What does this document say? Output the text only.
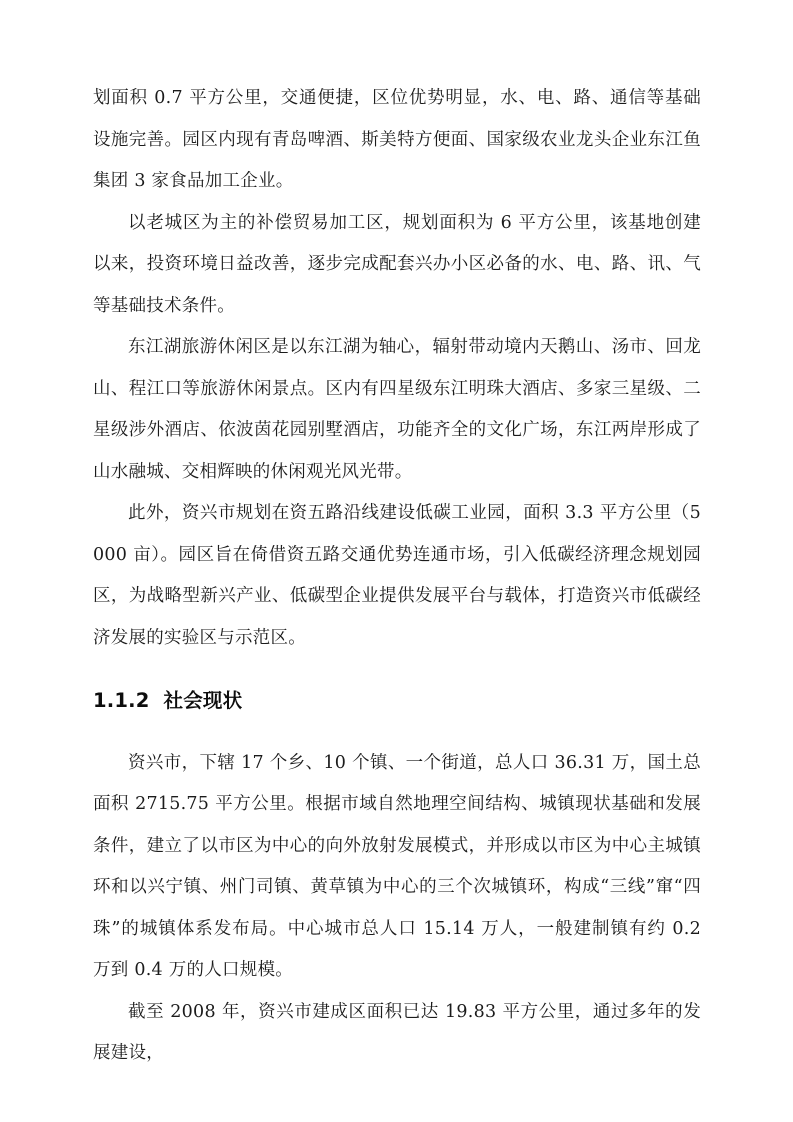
划面积 0.7 平方公里，交通便捷，区位优势明显，水、电、路、通信等基础设施完善。园区内现有青岛啤酒、斯美特方便面、国家级农业龙头企业东江鱼集团 3 家食品加工企业。

以老城区为主的补偿贸易加工区，规划面积为 6 平方公里，该基地创建以来，投资环境日益改善，逐步完成配套兴办小区必备的水、电、路、讯、气等基础技术条件。

东江湖旅游休闲区是以东江湖为轴心，辐射带动境内天鹅山、汤市、回龙山、程江口等旅游休闲景点。区内有四星级东江明珠大酒店、多家三星级、二星级涉外酒店、依波茵花园别墅酒店，功能齐全的文化广场，东江两岸形成了山水融城、交相辉映的休闲观光风光带。

此外，资兴市规划在资五路沿线建设低碳工业园，面积 3.3 平方公里（5000 亩）。园区旨在倚借资五路交通优势连通市场，引入低碳经济理念规划园区，为战略型新兴产业、低碳型企业提供发展平台与载体，打造资兴市低碳经济发展的实验区与示范区。

1.1.2  社会现状

资兴市，下辖 17 个乡、10 个镇、一个街道，总人口 36.31 万，国土总面积 2715.75 平方公里。根据市域自然地理空间结构、城镇现状基础和发展条件，建立了以市区为中心的向外放射发展模式，并形成以市区为中心主城镇环和以兴宁镇、州门司镇、黄草镇为中心的三个次城镇环，构成“三线”窜“四珠”的城镇体系发布局。中心城市总人口 15.14 万人，一般建制镇有约 0.2 万到 0.4 万的人口规模。

截至 2008 年，资兴市建成区面积已达 19.83 平方公里，通过多年的发展建设，
